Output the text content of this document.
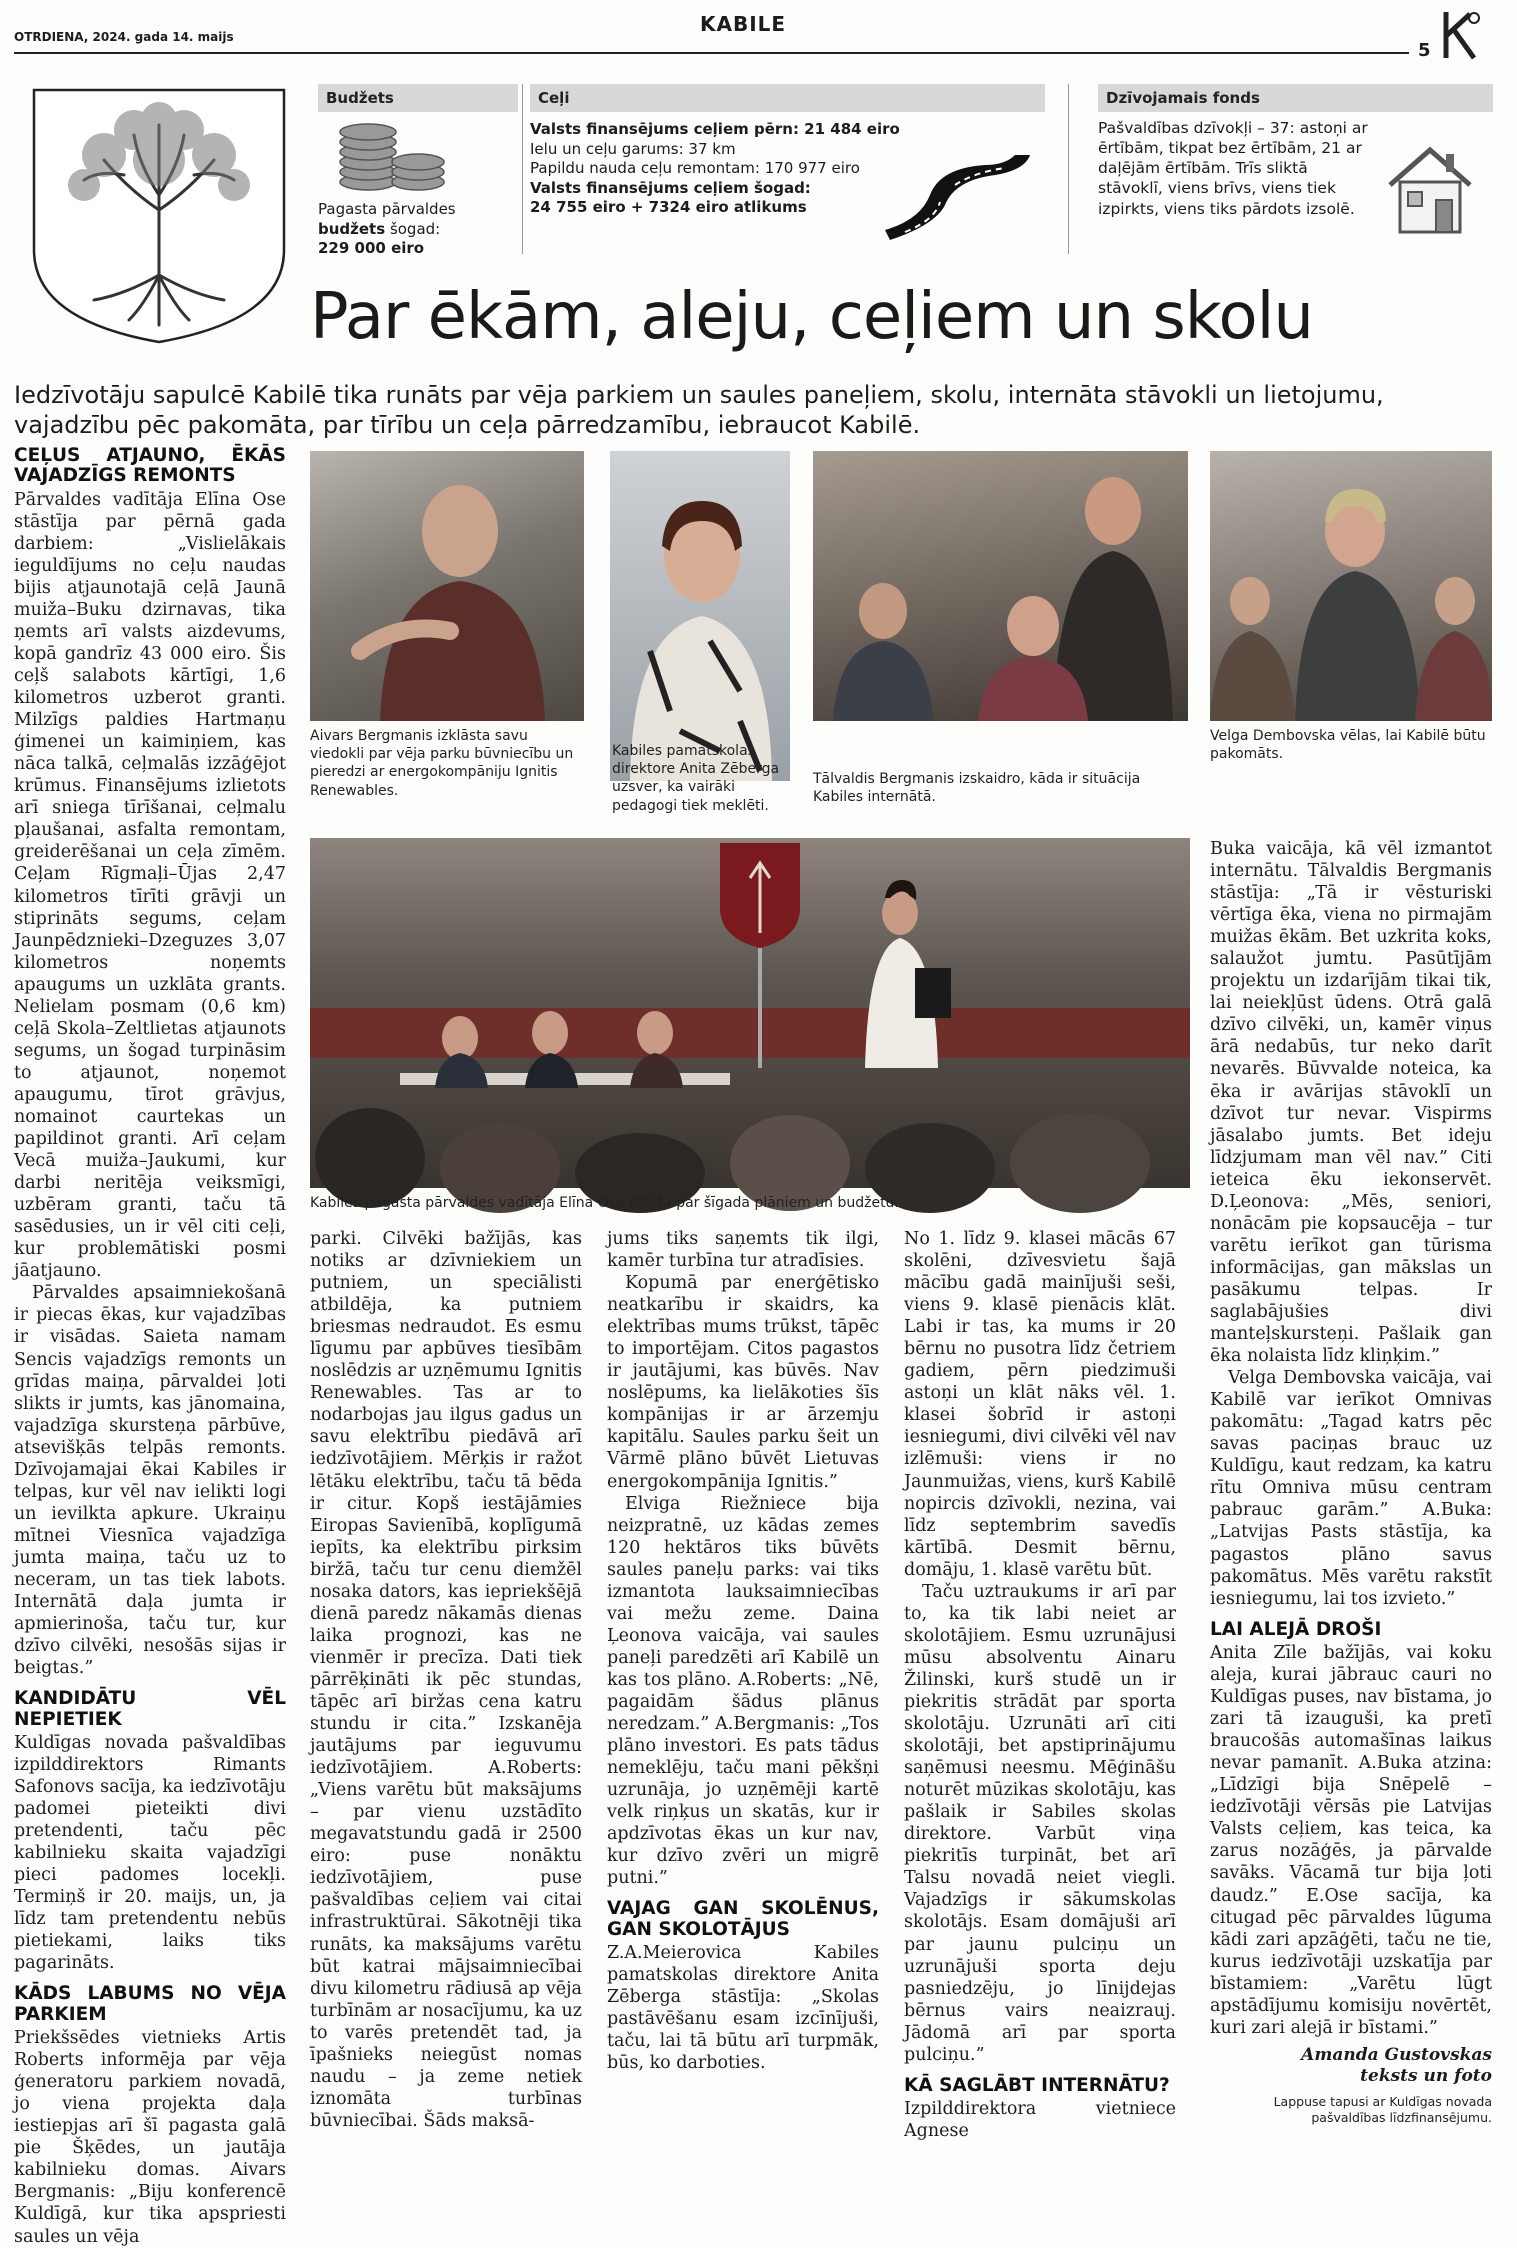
OTRDIENA, 2024. gada 14. maijs
KABILE
5
Budžets
Pagasta pārvaldes
budžets šogad:
229 000 eiro
Ceļi
Valsts finansējums ceļiem pērn: 21 484 eiro
Ielu un ceļu garums: 37 km
Papildu nauda ceļu remontam: 170 977 eiro
Valsts finansējums ceļiem šogad:
24 755 eiro + 7324 eiro atlikums
Dzīvojamais fonds
Pašvaldības dzīvokļi – 37: astoņi ar ērtībām, tikpat bez ērtībām, 21 ar daļējām ērtībām. Trīs sliktā stāvoklī, viens brīvs, viens tiek izpirkts, viens tiks pārdots izsolē.
Par ēkām, aleju, ceļiem un skolu
Iedzīvotāju sapulcē Kabilē tika runāts par vēja parkiem un saules paneļiem, skolu, internāta stāvokli un lietojumu, vajadzību pēc pakomāta, par tīrību un ceļa pārredzamību, iebraucot Kabilē.
Aivars Bergmanis izklāsta savu viedokli par vēja parku būvniecību un pieredzi ar energokompāniju Ignitis Renewables.
Kabiles pamatskolas direktore Anita Zēberga uzsver, ka vairāki pedagogi tiek meklēti.
Tālvaldis Bergmanis izskaidro, kāda ir situācija Kabiles internātā.
Velga Dembovska vēlas, lai Kabilē būtu pakomāts.
Kabiles pagasta pārvaldes vadītāja Elīna Ose stāsta par šīgada plāniem un budžetu.
CEĻUS ATJAUNO, ĒKĀS VAJADZĪGS REMONTS

Pārvaldes vadītāja Elīna Ose stāstīja par pērnā gada darbiem: „Vislielākais ieguldījums no ceļu naudas bijis atjaunotajā ceļā Jaunā muiža–Buku dzirnavas, tika ņemts arī valsts aizdevums, kopā gandrīz 43 000 eiro. Šis ceļš salabots kārtīgi, 1,6 kilometros uzberot granti. Milzīgs paldies Hartmaņu ģimenei un kaimiņiem, kas nāca talkā, ceļmalās izzāģējot krūmus. Finansējums izlietots arī sniega tīrīšanai, ceļmalu pļaušanai, asfalta remontam, greiderēšanai un ceļa zīmēm. Ceļam Rīgmaļi–Ūjas 2,47 kilometros tīrīti grāvji un stiprināts segums, ceļam Jaunpēdznieki–Dzeguzes 3,07 kilometros noņemts apaugums un uzklāta grants. Nelielam posmam (0,6 km) ceļā Skola–Zeltlietas atjaunots segums, un šogad turpināsim to atjaunot, noņemot apaugumu, tīrot grāvjus, nomainot caurtekas un papildinot granti. Arī ceļam Vecā muiža–Jaukumi, kur darbi neritēja veiksmīgi, uzbēram granti, taču tā sasēdusies, un ir vēl citi ceļi, kur problemātiski posmi jāatjauno.

Pārvaldes apsaimniekošanā ir piecas ēkas, kur vajadzības ir visādas. Saieta namam Sencis vajadzīgs remonts un grīdas maiņa, pārvaldei ļoti slikts ir jumts, kas jānomaina, vajadzīga skursteņa pārbūve, atsevišķās telpās remonts. Dzīvojamajai ēkai Kabiles ir telpas, kur vēl nav ielikti logi un ievilkta apkure. Ukraiņu mītnei Viesnīca vajadzīga jumta maiņa, taču uz to neceram, un tas tiek labots. Internātā daļa jumta ir apmierinoša, taču tur, kur dzīvo cilvēki, nesošās sijas ir beigtas.”

KANDIDĀTU VĒL NEPIETIEK

Kuldīgas novada pašvaldības izpilddirektors Rimants Safonovs sacīja, ka iedzīvotāju padomei pieteikti divi pretendenti, taču pēc kabilnieku skaita vajadzīgi pieci padomes locekļi. Termiņš ir 20. maijs, un, ja līdz tam pretendentu nebūs pietiekami, laiks tiks pagarināts.

KĀDS LABUMS NO VĒJA PARKIEM

Priekšsēdes vietnieks Artis Roberts informēja par vēja ģeneratoru parkiem novadā, jo viena projekta daļa iestiepjas arī šī pagasta galā pie Šķēdes, un jautāja kabilnieku domas. Aivars Bergmanis: „Biju konferencē Kuldīgā, kur tika apspriesti saules un vēja

parki. Cilvēki bažījās, kas notiks ar dzīvniekiem un putniem, un speciālisti atbildēja, ka putniem briesmas nedraudot. Es esmu līgumu par apbūves tiesībām noslēdzis ar uzņēmumu Ignitis Renewables. Tas ar to nodarbojas jau ilgus gadus un savu elektrību piedāvā arī iedzīvotājiem. Mērķis ir ražot lētāku elektrību, taču tā bēda ir citur. Kopš iestājāmies Eiropas Savienībā, koplīgumā iepīts, ka elektrību pirksim biržā, taču tur cenu diemžēl nosaka dators, kas iepriekšējā dienā paredz nākamās dienas laika prognozi, kas ne vienmēr ir precīza. Dati tiek pārrēķināti ik pēc stundas, tāpēc arī biržas cena katru stundu ir cita.” Izskanēja jautājums par ieguvumu iedzīvotājiem. A.Roberts: „Viens varētu būt maksājums – par vienu uzstādīto megavatstundu gadā ir 2500 eiro: puse nonāktu iedzīvotājiem, puse pašvaldības ceļiem vai citai infrastruktūrai. Sākotnēji tika runāts, ka maksājums varētu būt katrai mājsaimniecībai divu kilometru rādiusā ap vēja turbīnām ar nosacījumu, ka uz to varēs pretendēt tad, ja īpašnieks neiegūst nomas naudu – ja zeme netiek iznomāta turbīnas būvniecībai. Šāds maksā-

jums tiks saņemts tik ilgi, kamēr turbīna tur atradīsies.

Kopumā par enerģētisko neatkarību ir skaidrs, ka elektrības mums trūkst, tāpēc to importējam. Citos pagastos ir jautājumi, kas būvēs. Nav noslēpums, ka lielākoties šīs kompānijas ir ar ārzemju kapitālu. Saules parku šeit un Vārmē plāno būvēt Lietuvas energokompānija Ignitis.”

Elviga Riežniece bija neizpratnē, uz kādas zemes 120 hektāros tiks būvēts saules paneļu parks: vai tiks izmantota lauksaimniecības vai mežu zeme. Daina Ļeonova vaicāja, vai saules paneļi paredzēti arī Kabilē un kas tos plāno. A.Roberts: „Nē, pagaidām šādus plānus neredzam.” A.Bergmanis: „Tos plāno investori. Es pats tādus nemeklēju, taču mani pēkšņi uzrunāja, jo uzņēmēji kartē velk riņķus un skatās, kur ir apdzīvotas ēkas un kur nav, kur dzīvo zvēri un migrē putni.”

VAJAG GAN SKOLĒNUS, GAN SKOLOTĀJUS

Z.A.Meierovica Kabiles pamatskolas direktore Anita Zēberga stāstīja: „Skolas pastāvēšanu esam izcīnījuši, taču, lai tā būtu arī turpmāk, būs, ko darboties.

No 1. līdz 9. klasei mācās 67 skolēni, dzīvesvietu šajā mācību gadā mainījuši seši, viens 9. klasē pienācis klāt. Labi ir tas, ka mums ir 20 bērnu no pusotra līdz četriem gadiem, pērn piedzimuši astoņi un klāt nāks vēl. 1. klasei šobrīd ir astoņi iesniegumi, divi cilvēki vēl nav izlēmuši: viens ir no Jaunmuižas, viens, kurš Kabilē nopircis dzīvokli, nezina, vai līdz septembrim savedīs kārtībā. Desmit bērnu, domāju, 1. klasē varētu būt.

Taču uztraukums ir arī par to, ka tik labi neiet ar skolotājiem. Esmu uzrunājusi mūsu absolventu Ainaru Žilinski, kurš studē un ir piekritis strādāt par sporta skolotāju. Uzrunāti arī citi skolotāji, bet apstiprinājumu saņēmusi neesmu. Mēģināšu noturēt mūzikas skolotāju, kas pašlaik ir Sabiles skolas direktore. Varbūt viņa piekritīs turpināt, bet arī Talsu novadā neiet viegli. Vajadzīgs ir sākumskolas skolotājs. Esam domājuši arī par jaunu pulciņu un uzrunājuši sporta deju pasniedzēju, jo līnijdejas bērnus vairs neaizrauj. Jādomā arī par sporta pulciņu.”

KĀ SAGLĀBT INTERNĀTU?

Izpilddirektora vietniece Agnese

Buka vaicāja, kā vēl izmantot internātu. Tālvaldis Bergmanis stāstīja: „Tā ir vēsturiski vērtīga ēka, viena no pirmajām muižas ēkām. Bet uzkrita koks, salaužot jumtu. Pasūtījām projektu un izdarījām tikai tik, lai neiekļūst ūdens. Otrā galā dzīvo cilvēki, un, kamēr viņus ārā nedabūs, tur neko darīt nevarēs. Būvvalde noteica, ka ēka ir avārijas stāvoklī un dzīvot tur nevar. Vispirms jāsalabo jumts. Bet ideju līdzjumam man vēl nav.” Citi ieteica ēku iekonservēt. D.Ļeonova: „Mēs, seniori, nonācām pie kopsaucēja – tur varētu ierīkot gan tūrisma informācijas, gan mākslas un pasākumu telpas. Ir saglabājušies divi manteļskursteņi. Pašlaik gan ēka nolaista līdz kliņķim.”

Velga Dembovska vaicāja, vai Kabilē var ierīkot Omnivas pakomātu: „Tagad katrs pēc savas paciņas brauc uz Kuldīgu, kaut redzam, ka katru rītu Omniva mūsu centram pabrauc garām.” A.Buka: „Latvijas Pasts stāstīja, ka pagastos plāno savus pakomātus. Mēs varētu rakstīt iesniegumu, lai tos izvieto.”

LAI ALEJĀ DROŠI

Anita Zīle bažījās, vai koku aleja, kurai jābrauc cauri no Kuldīgas puses, nav bīstama, jo zari tā izauguši, ka pretī braucošās automašīnas laikus nevar pamanīt. A.Buka atzina: „Līdzīgi bija Snēpelē – iedzīvotāji vērsās pie Latvijas Valsts ceļiem, kas teica, ka zarus nozāģēs, ja pārvalde savāks. Vācamā tur bija ļoti daudz.” E.Ose sacīja, ka citugad pēc pārvaldes lūguma kādi zari apzāģēti, taču ne tie, kurus iedzīvotāji uzskatīja par bīstamiem: „Varētu lūgt apstādījumu komisiju novērtēt, kuri zari alejā ir bīstami.”

Amanda Gustovskas
teksts un foto
Lappuse tapusi ar Kuldīgas novada pašvaldības līdzfinansējumu.
